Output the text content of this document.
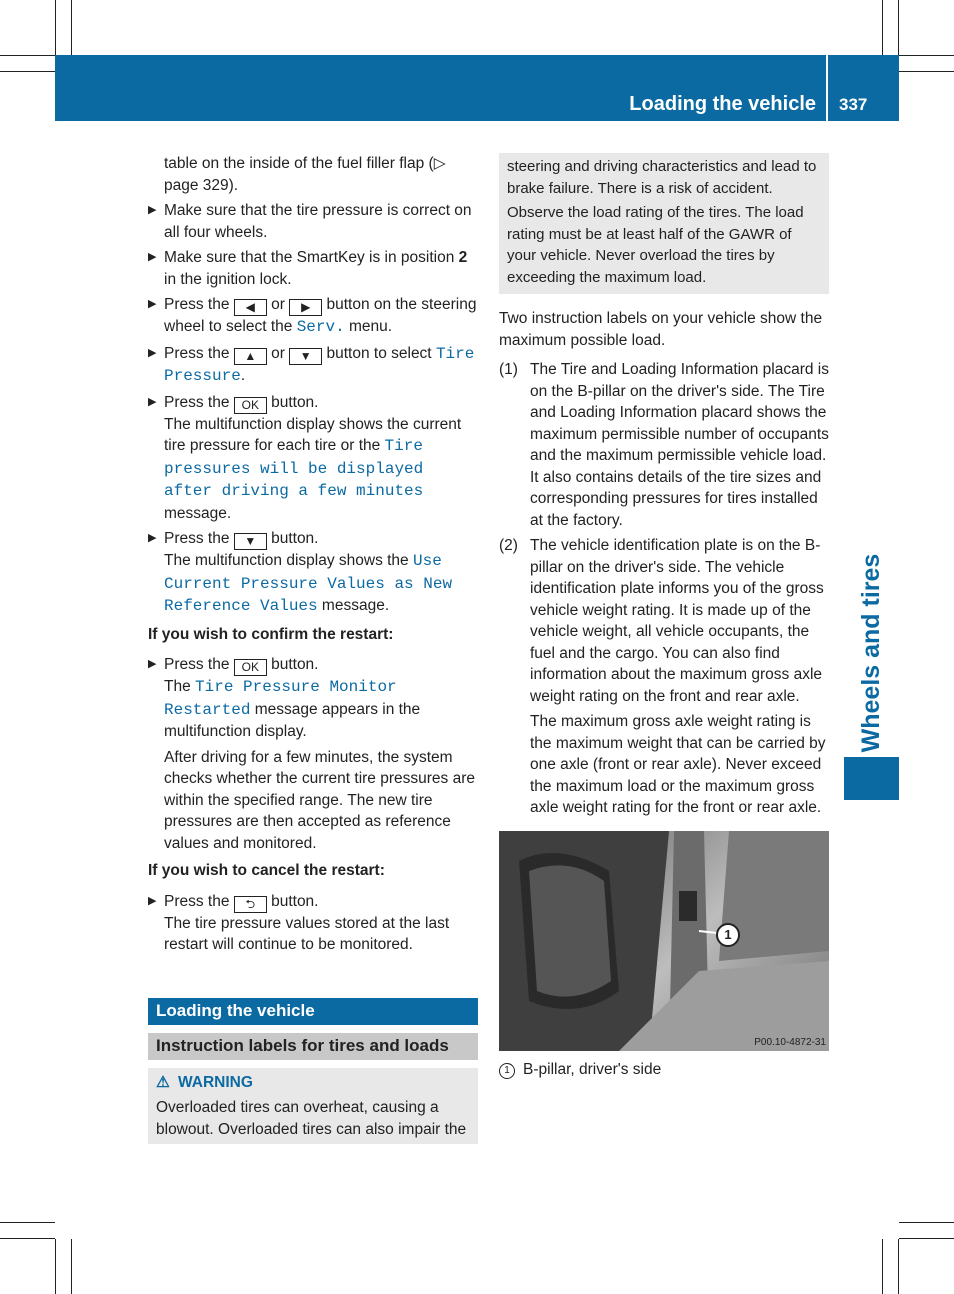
Loading the vehicle 337
Wheels and tires
table on the inside of the fuel filler flap (▷ page 329).
▶ Make sure that the tire pressure is correct on all four wheels.
▶ Make sure that the SmartKey is in position 2 in the ignition lock.
▶ Press the ◀ or ▶ button on the steering wheel to select the Serv. menu.
▶ Press the ▲ or ▼ button to select Tire Pressure.
▶ Press the OK button.
The multifunction display shows the current tire pressure for each tire or the Tire pressures will be displayed after driving a few minutes message.
▶ Press the ▼ button.
The multifunction display shows the Use Current Pressure Values as New Reference Values message.
If you wish to confirm the restart:
▶ Press the OK button.
The Tire Pressure Monitor Restarted message appears in the multifunction display.
After driving for a few minutes, the system checks whether the current tire pressures are within the specified range. The new tire pressures are then accepted as reference values and monitored.
If you wish to cancel the restart:
▶ Press the ⮌ button.
The tire pressure values stored at the last restart will continue to be monitored.
Loading the vehicle
Instruction labels for tires and loads
⚠ WARNING
Overloaded tires can overheat, causing a blowout. Overloaded tires can also impair the
steering and driving characteristics and lead to brake failure. There is a risk of accident.
Observe the load rating of the tires. The load rating must be at least half of the GAWR of your vehicle. Never overload the tires by exceeding the maximum load.
Two instruction labels on your vehicle show the maximum possible load.
(1) The Tire and Loading Information placard is on the B-pillar on the driver's side. The Tire and Loading Information placard shows the maximum permissible number of occupants and the maximum permissible vehicle load. It also contains details of the tire sizes and corresponding pressures for tires installed at the factory.
(2) The vehicle identification plate is on the B-pillar on the driver's side. The vehicle identification plate informs you of the gross vehicle weight rating. It is made up of the vehicle weight, all vehicle occupants, the fuel and the cargo. You can also find information about the maximum gross axle weight rating on the front and rear axle.
The maximum gross axle weight rating is the maximum weight that can be carried by one axle (front or rear axle). Never exceed the maximum load or the maximum gross axle weight rating for the front or rear axle.
1
P00.10-4872-31
1 B-pillar, driver's side
